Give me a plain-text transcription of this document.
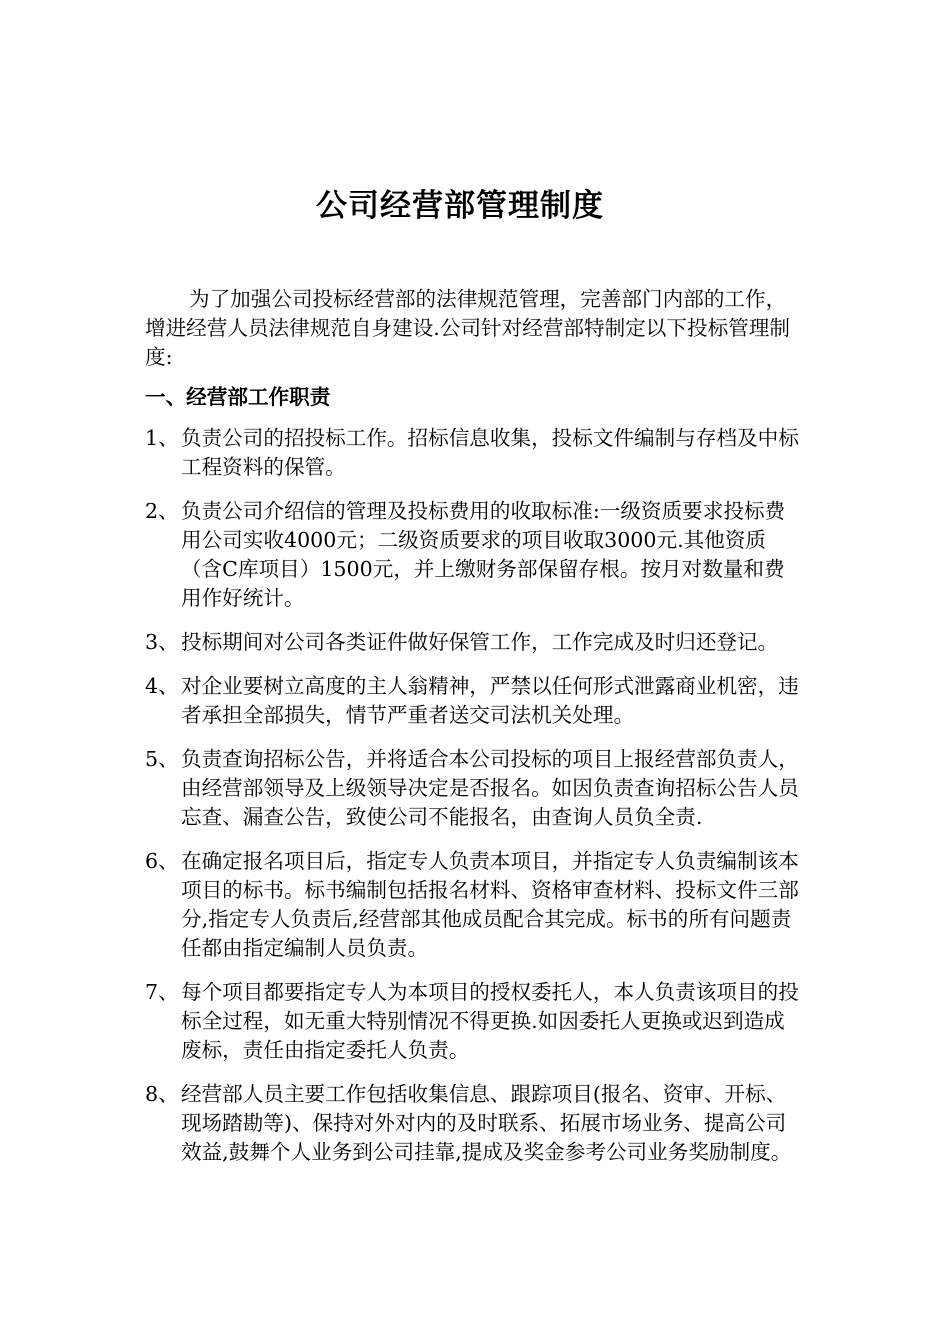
公司经营部管理制度
为了加强公司投标经营部的法律规范管理，完善部门内部的工作，增进经营人员法律规范自身建设.公司针对经营部特制定以下投标管理制度:
一、经营部工作职责
1、 负责公司的招投标工作。招标信息收集，投标文件编制与存档及中标工程资料的保管。
2、 负责公司介绍信的管理及投标费用的收取标准:一级资质要求投标费用公司实收4000元；二级资质要求的项目收取3000元.其他资质（含C库项目）1500元，并上缴财务部保留存根。按月对数量和费用作好统计。
3、 投标期间对公司各类证件做好保管工作，工作完成及时归还登记。
4、 对企业要树立高度的主人翁精神，严禁以任何形式泄露商业机密，违者承担全部损失，情节严重者送交司法机关处理。
5、 负责查询招标公告，并将适合本公司投标的项目上报经营部负责人，由经营部领导及上级领导决定是否报名。如因负责查询招标公告人员忘查、漏查公告，致使公司不能报名，由查询人员负全责.
6、 在确定报名项目后，指定专人负责本项目，并指定专人负责编制该本项目的标书。标书编制包括报名材料、资格审查材料、投标文件三部分,指定专人负责后,经营部其他成员配合其完成。标书的所有问题责任都由指定编制人员负责。
7、 每个项目都要指定专人为本项目的授权委托人，本人负责该项目的投标全过程，如无重大特别情况不得更换.如因委托人更换或迟到造成废标，责任由指定委托人负责。
8、 经营部人员主要工作包括收集信息、跟踪项目(报名、资审、开标、现场踏勘等)、保持对外对内的及时联系、拓展市场业务、提高公司效益,鼓舞个人业务到公司挂靠,提成及奖金参考公司业务奖励制度。
